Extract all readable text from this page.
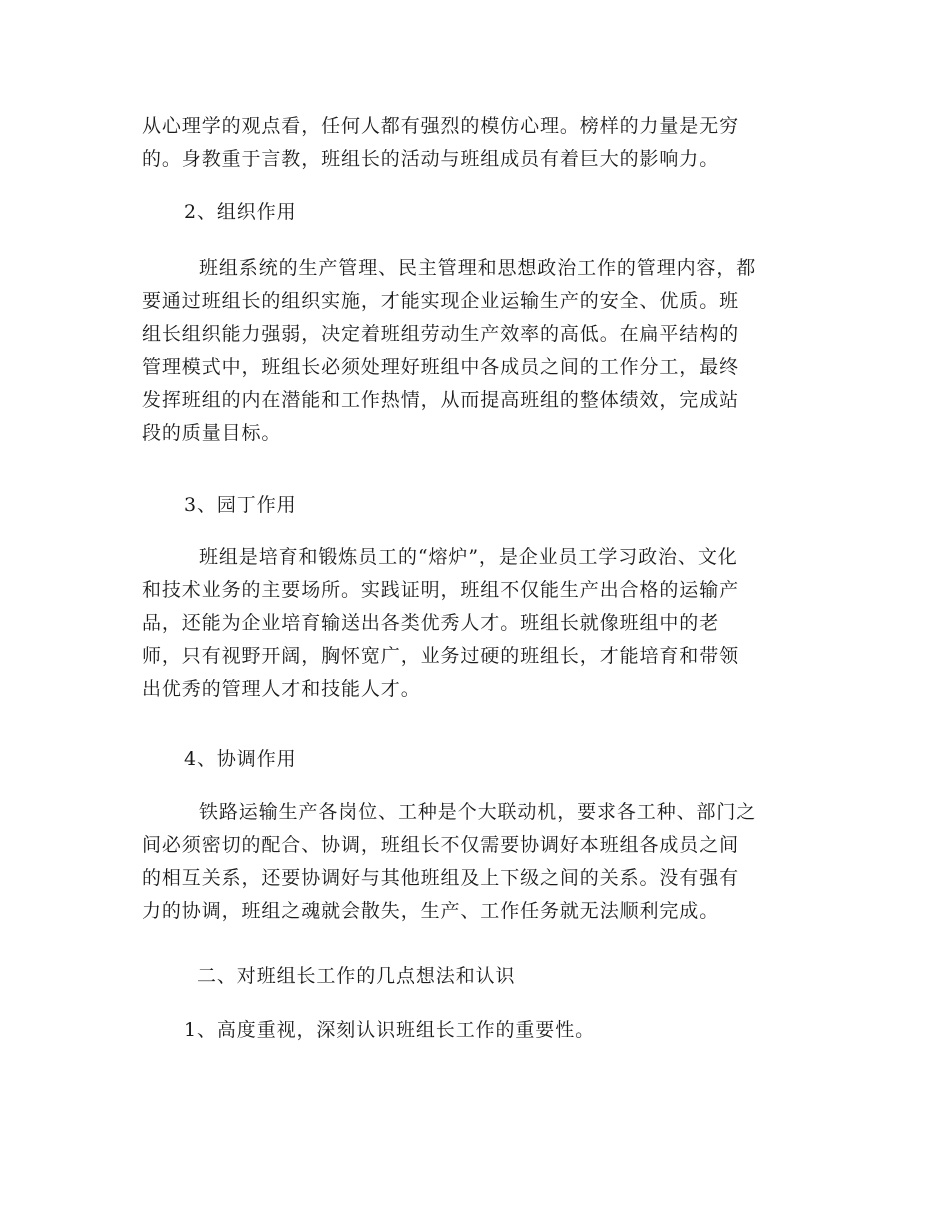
从心理学的观点看，任何人都有强烈的模仿心理。榜样的力量是无穷
的。身教重于言教，班组长的活动与班组成员有着巨大的影响力。
2、组织作用
班组系统的生产管理、民主管理和思想政治工作的管理内容，都
要通过班组长的组织实施，才能实现企业运输生产的安全、优质。班
组长组织能力强弱，决定着班组劳动生产效率的高低。在扁平结构的
管理模式中，班组长必须处理好班组中各成员之间的工作分工，最终
发挥班组的内在潜能和工作热情，从而提高班组的整体绩效，完成站
段的质量目标。
3、园丁作用
班组是培育和锻炼员工的“熔炉”，是企业员工学习政治、文化
和技术业务的主要场所。实践证明，班组不仅能生产出合格的运输产
品，还能为企业培育输送出各类优秀人才。班组长就像班组中的老
师，只有视野开阔，胸怀宽广，业务过硬的班组长，才能培育和带领
出优秀的管理人才和技能人才。
4、协调作用
铁路运输生产各岗位、工种是个大联动机，要求各工种、部门之
间必须密切的配合、协调，班组长不仅需要协调好本班组各成员之间
的相互关系，还要协调好与其他班组及上下级之间的关系。没有强有
力的协调，班组之魂就会散失，生产、工作任务就无法顺利完成。
二、对班组长工作的几点想法和认识
1、高度重视，深刻认识班组长工作的重要性。
